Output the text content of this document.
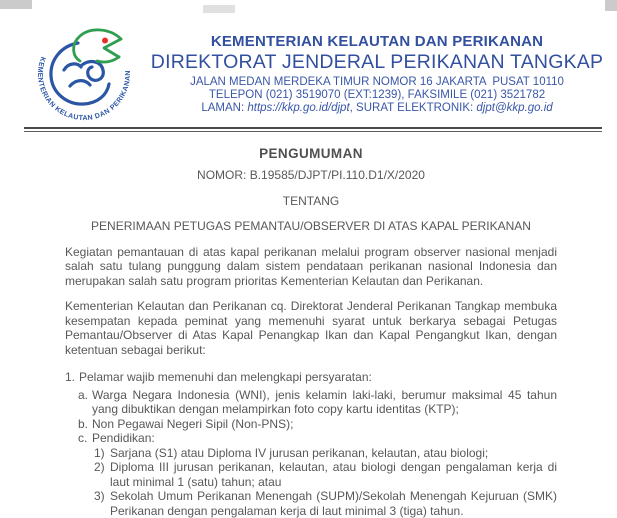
KEMENTERIAN KELAUTAN DAN PERIKANAN
KEMENTERIAN KELAUTAN DAN PERIKANAN
DIREKTORAT JENDERAL PERIKANAN TANGKAP
JALAN MEDAN MERDEKA TIMUR NOMOR 16 JAKARTA  PUSAT 10110
TELEPON (021) 3519070 (EXT:1239), FAKSIMILE (021) 3521782
LAMAN: https://kkp.go.id/djpt, SURAT ELEKTRONIK: djpt@kkp.go.id
PENGUMUMAN
NOMOR: B.19585/DJPT/PI.110.D1/X/2020
TENTANG
PENERIMAAN PETUGAS PEMANTAU/OBSERVER DI ATAS KAPAL PERIKANAN
Kegiatan pemantauan di atas kapal perikanan melalui program observer nasional menjadi salah satu tulang punggung dalam sistem pendataan perikanan nasional Indonesia dan merupakan salah satu program prioritas Kementerian Kelautan dan Perikanan.
Kementerian Kelautan dan Perikanan cq. Direktorat Jenderal Perikanan Tangkap membuka kesempatan kepada peminat yang memenuhi syarat untuk berkarya sebagai Petugas Pemantau/Observer di Atas Kapal Penangkap Ikan dan Kapal Pengangkut Ikan, dengan ketentuan sebagai berikut:
1. Pelamar wajib memenuhi dan melengkapi persyaratan:
a. Warga Negara Indonesia (WNI), jenis kelamin laki-laki, berumur maksimal 45 tahun yang dibuktikan dengan melampirkan foto copy kartu identitas (KTP);
b. Non Pegawai Negeri Sipil (Non-PNS);
c. Pendidikan:
1) Sarjana (S1) atau Diploma IV jurusan perikanan, kelautan, atau biologi;
2) Diploma III jurusan perikanan, kelautan, atau biologi dengan pengalaman kerja di laut minimal 1 (satu) tahun; atau
3) Sekolah Umum Perikanan Menengah (SUPM)/Sekolah Menengah Kejuruan (SMK) Perikanan dengan pengalaman kerja di laut minimal 3 (tiga) tahun.
